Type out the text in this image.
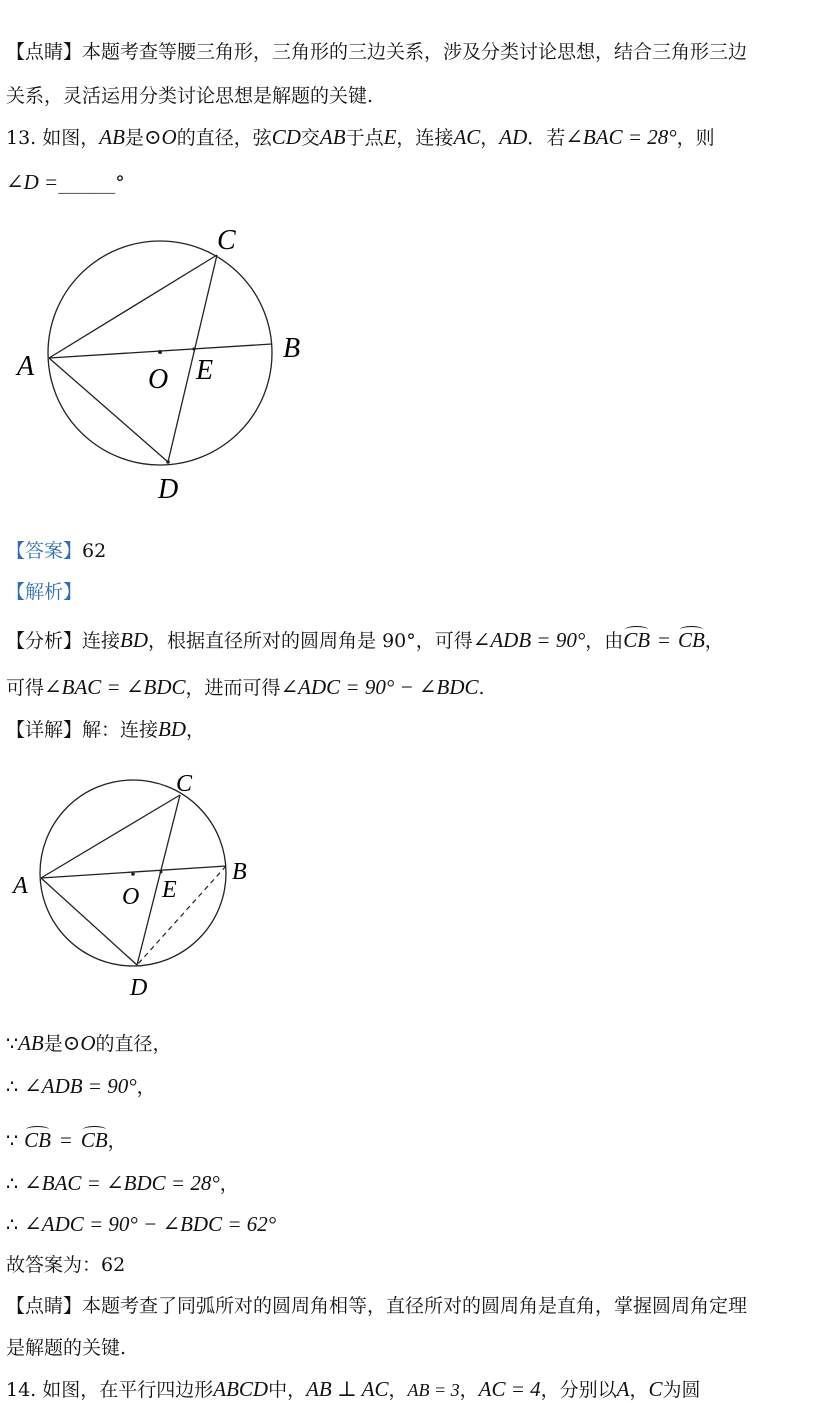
【点睛】本题考查等腰三角形，三角形的三边关系，涉及分类讨论思想，结合三角形三边
关系，灵活运用分类讨论思想是解题的关键.
13. 如图，AB是⊙O的直径，弦CD交AB于点E，连接AC，AD．若∠BAC = 28°，则
∠D =______°
C
B
A	O E
D
【答案】62
【解析】
【分析】连接BD，根据直径所对的圆周角是 90°，可得∠ADB = 90°，由CB = CB，
可得∠BAC = ∠BDC，进而可得∠ADC = 90° − ∠BDC.
【详解】解：连接BD，
C
B
A	O E
D
∵AB是⊙O的直径，
∴ ∠ADB = 90°，
∵ CB = CB，
∴ ∠BAC = ∠BDC = 28°，
∴ ∠ADC = 90° − ∠BDC = 62°
故答案为：62
【点睛】本题考查了同弧所对的圆周角相等，直径所对的圆周角是直角，掌握圆周角定理
是解题的关键.
14. 如图，在平行四边形ABCD中，AB ⊥ AC，AB = 3，AC = 4，分别以A，C为圆
